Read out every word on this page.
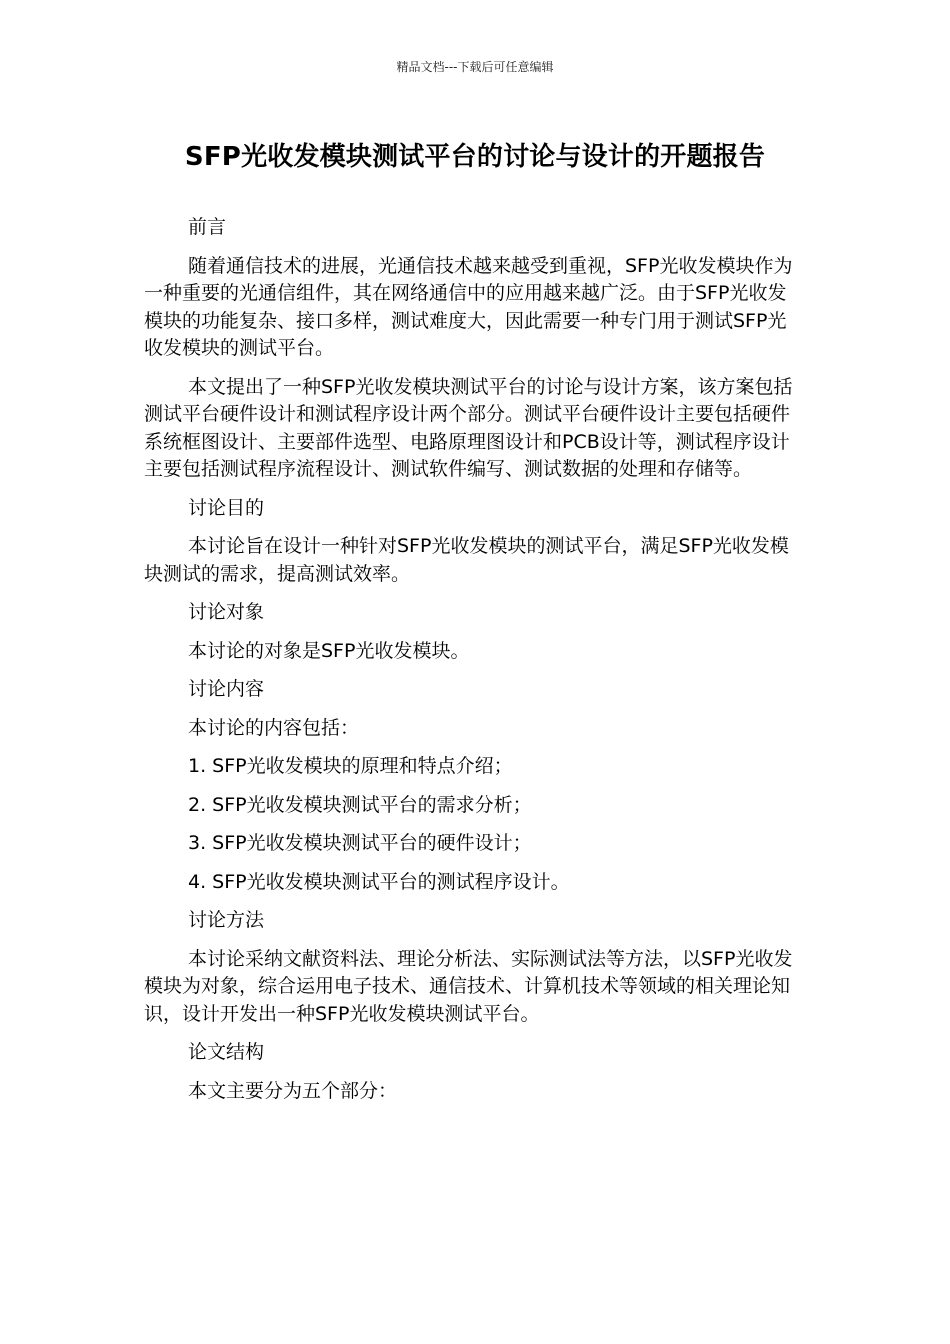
精品文档---下载后可任意编辑
SFP光收发模块测试平台的讨论与设计的开题报告

前言

随着通信技术的进展，光通信技术越来越受到重视，SFP光收发模块作为一种重要的光通信组件，其在网络通信中的应用越来越广泛。由于SFP光收发模块的功能复杂、接口多样，测试难度大，因此需要一种专门用于测试SFP光收发模块的测试平台。

本文提出了一种SFP光收发模块测试平台的讨论与设计方案，该方案包括测试平台硬件设计和测试程序设计两个部分。测试平台硬件设计主要包括硬件系统框图设计、主要部件选型、电路原理图设计和PCB设计等，测试程序设计主要包括测试程序流程设计、测试软件编写、测试数据的处理和存储等。

讨论目的

本讨论旨在设计一种针对SFP光收发模块的测试平台，满足SFP光收发模块测试的需求，提高测试效率。

讨论对象

本讨论的对象是SFP光收发模块。

讨论内容

本讨论的内容包括：

1. SFP光收发模块的原理和特点介绍；

2. SFP光收发模块测试平台的需求分析；

3. SFP光收发模块测试平台的硬件设计；

4. SFP光收发模块测试平台的测试程序设计。

讨论方法

本讨论采纳文献资料法、理论分析法、实际测试法等方法，以SFP光收发模块为对象，综合运用电子技术、通信技术、计算机技术等领域的相关理论知识，设计开发出一种SFP光收发模块测试平台。

论文结构

本文主要分为五个部分：
